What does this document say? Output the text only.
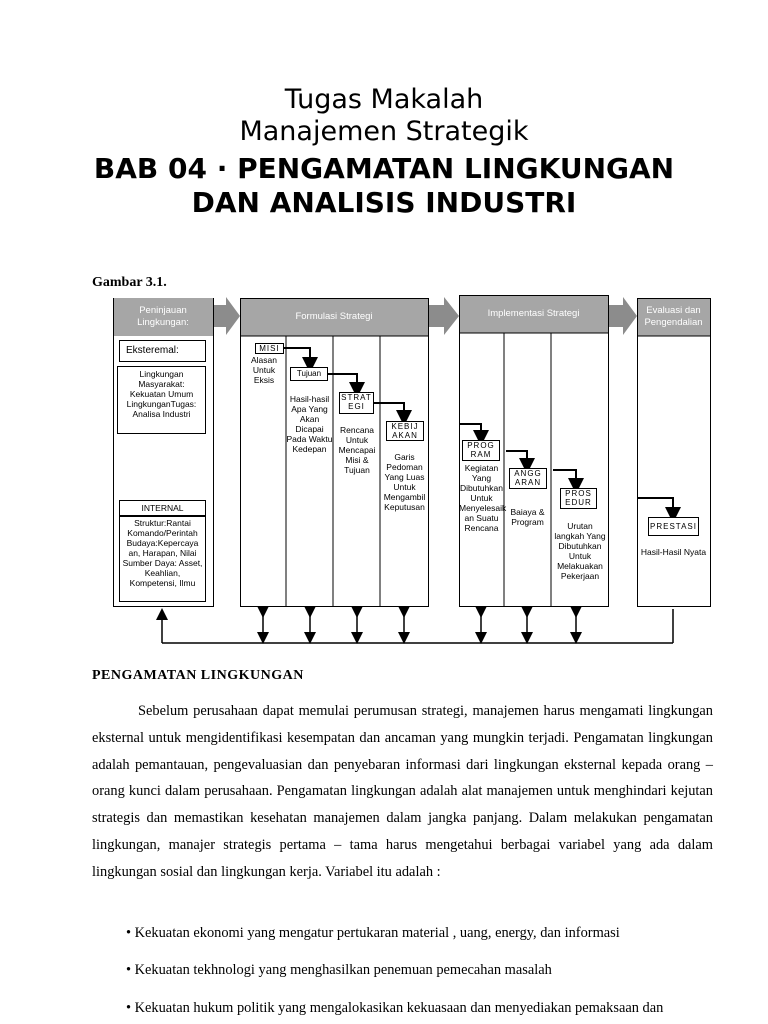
Tugas Makalah
Manajemen Strategik
BAB 04 · PENGAMATAN LINGKUNGAN
DAN ANALISIS INDUSTRI
Gambar 3.1.
Peninjauan Lingkungan:
Formulasi Strategi	Implementasi Strategi	Evaluasi dan Pengendalian
Eksteremal:
Lingkungan Masyarakat: Kekuatan Umum LingkunganTugas: Analisa Industri
INTERNAL
Struktur:Rantai Komando/Perintah Budaya:Kepercaya an, Harapan, Nilai Sumber Daya: Asset, Keahlian, Kompetensi, Ilmu
MISI
Alasan Untuk Eksis
Tujuan
Hasil-hasil Apa Yang Akan Dicapai Pada Waktu Kedepan
STRAT EGI
Rencana Untuk Mencapai Misi & Tujuan
KEBIJ AKAN
Garis Pedoman Yang Luas Untuk Mengambil Keputusan
PROG RAM
Kegiatan Yang Dibutuhkan Untuk Menyelesaik an Suatu Rencana
ANGG ARAN
Baiaya & Program
PROS EDUR
Urutan langkah Yang Dibutuhkan Untuk Melakuakan Pekerjaan
PRESTASI
Hasil-Hasil Nyata
PENGAMATAN LINGKUNGAN

Sebelum perusahaan dapat memulai perumusan strategi, manajemen harus mengamati lingkungan eksternal untuk mengidentifikasi kesempatan dan ancaman yang mungkin terjadi. Pengamatan lingkungan adalah pemantauan, pengevaluasian dan penyebaran informasi dari lingkungan eksternal kepada orang – orang kunci dalam perusahaan. Pengamatan lingkungan adalah alat manajemen untuk menghindari kejutan strategis dan memastikan kesehatan manajemen dalam jangka panjang. Dalam melakukan pengamatan lingkungan, manajer strategis pertama – tama harus mengetahui berbagai variabel yang ada dalam lingkungan sosial dan lingkungan kerja. Variabel itu adalah :

• Kekuatan ekonomi yang mengatur pertukaran material , uang, energy, dan informasi
• Kekuatan tekhnologi yang menghasilkan penemuan pemecahan masalah
• Kekuatan hukum politik yang mengalokasikan kekuasaan dan menyediakan pemaksaan dan
